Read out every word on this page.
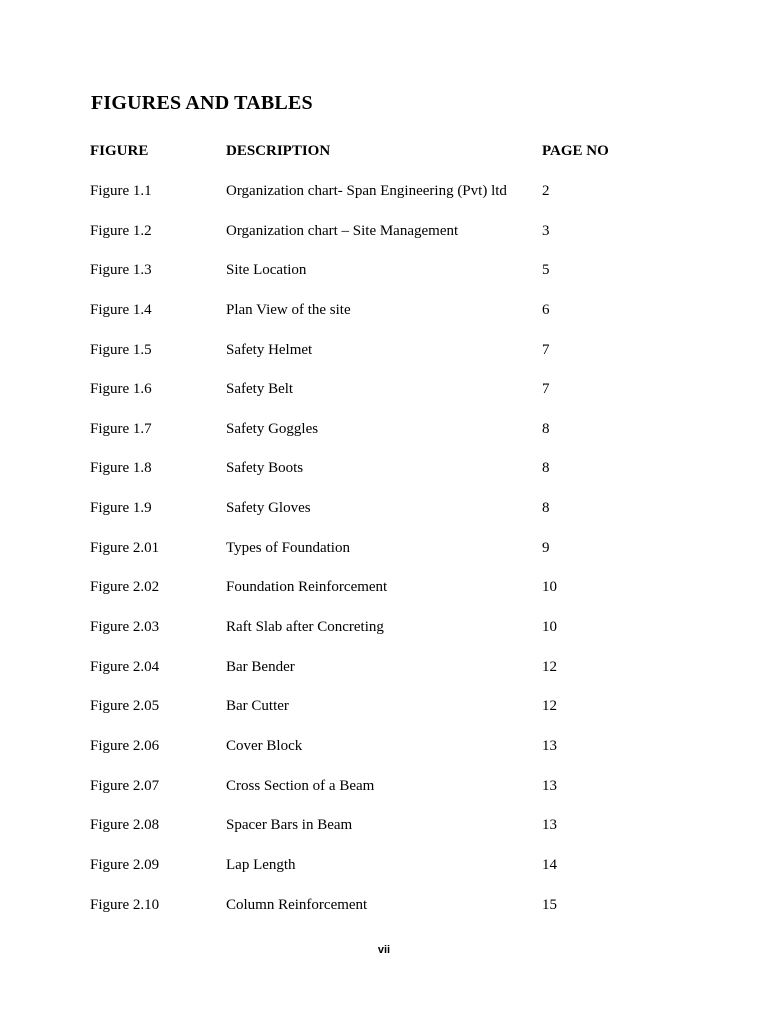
FIGURES AND TABLES
FIGURE	DESCRIPTION	PAGE NO
Figure 1.1	Organization chart- Span Engineering (Pvt) ltd 2
Figure 1.2	Organization chart – Site Management	3
Figure 1.3	Site Location	5
Figure 1.4	Plan View of the site	6
Figure 1.5	Safety Helmet	7
Figure 1.6	Safety Belt	7
Figure 1.7	Safety Goggles	8
Figure 1.8	Safety Boots	8
Figure 1.9	Safety Gloves	8
Figure 2.01	Types of Foundation	9
Figure 2.02	Foundation Reinforcement	10
Figure 2.03	Raft Slab after Concreting	10
Figure 2.04	Bar Bender	12
Figure 2.05	Bar Cutter	12
Figure 2.06	Cover Block	13
Figure 2.07	Cross Section of a Beam	13
Figure 2.08	Spacer Bars in Beam	13
Figure 2.09	Lap Length	14
Figure 2.10	Column Reinforcement	15
vii
